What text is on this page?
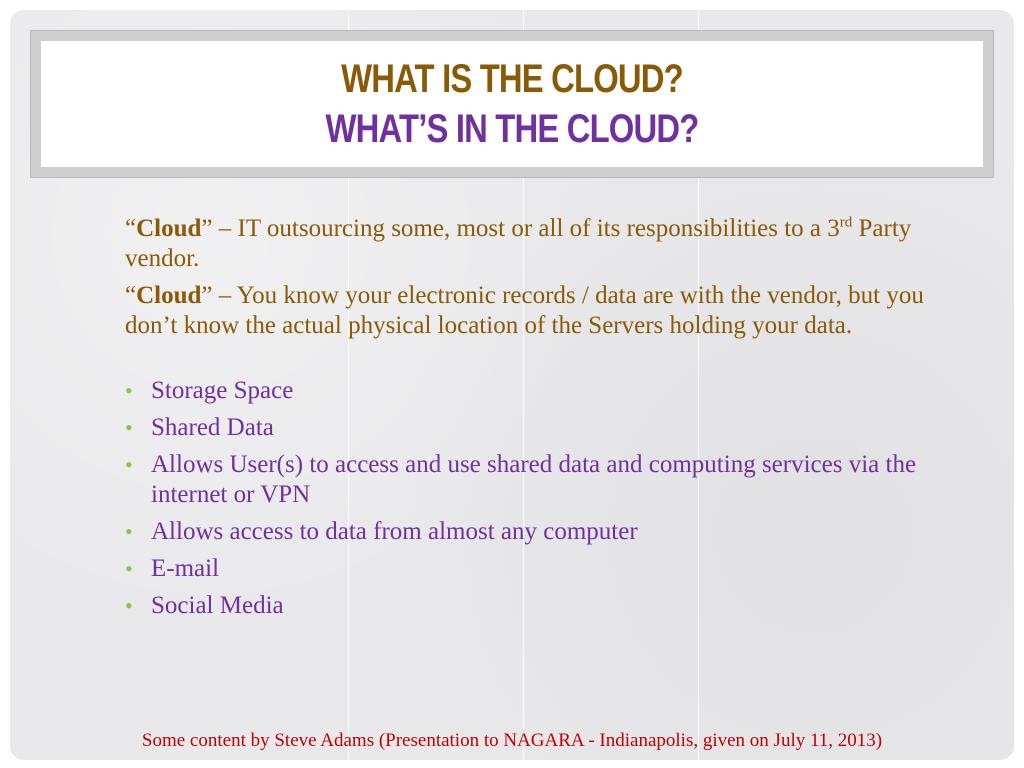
WHAT IS THE CLOUD?
WHAT’S IN THE CLOUD?

“Cloud” – IT outsourcing some, most or all of its responsibilities to a 3rd Party vendor.

“Cloud” – You know your electronic records / data are with the vendor, but you don’t know the actual physical location of the Servers holding your data.

• Storage Space
• Shared Data
• Allows User(s) to access and use shared data and computing services via the internet or VPN
• Allows access to data from almost any computer
• E-mail
• Social Media
Some content by Steve Adams (Presentation to NAGARA - Indianapolis, given on July 11, 2013)
